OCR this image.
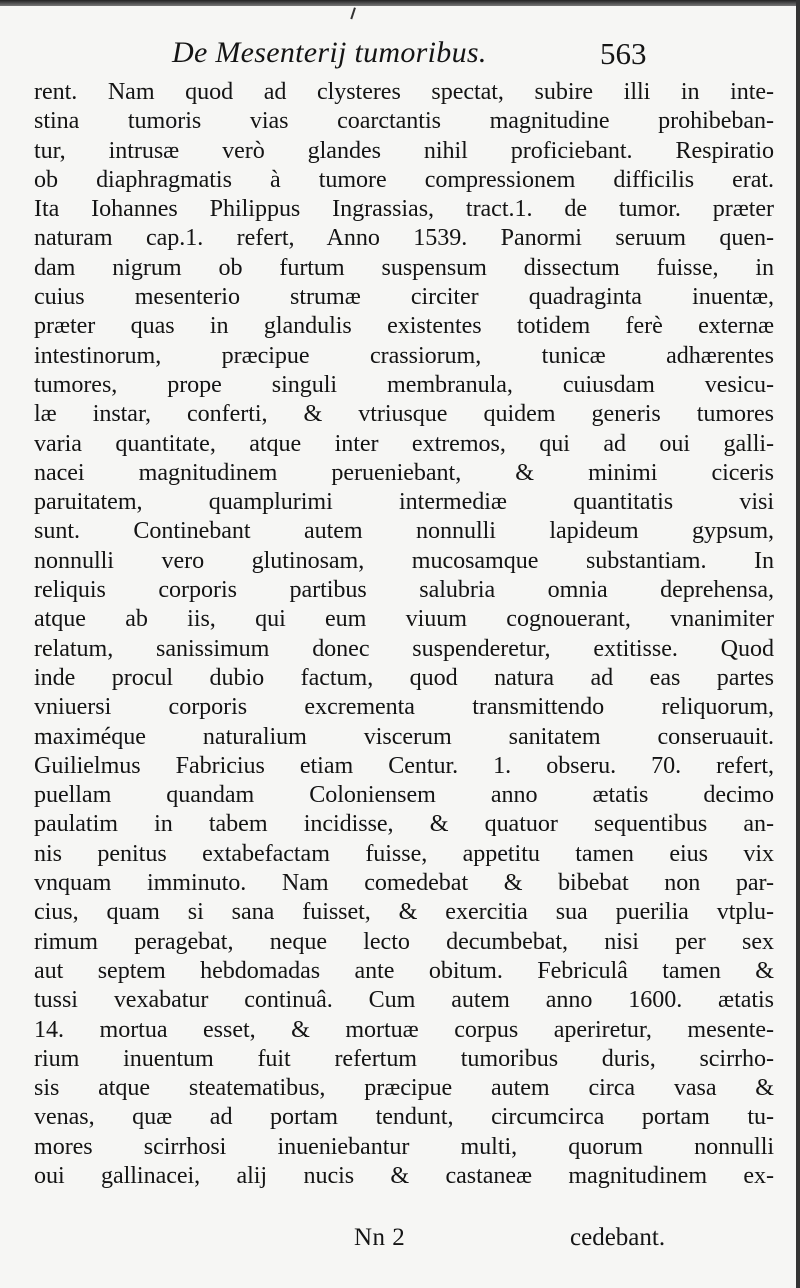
De Mesenterij tumoribus.	563
rent. Nam quod ad clysteres spectat, subire illi in inte-
stina tumoris vias coarctantis magnitudine prohibeban-
tur, intrusæ verò glandes nihil proficiebant. Respiratio
ob diaphragmatis à tumore compressionem difficilis erat.
Ita Iohannes Philippus Ingrassias, tract.1. de tumor. præter
naturam cap.1. refert, Anno 1539. Panormi seruum quen-
dam nigrum ob furtum suspensum dissectum fuisse, in
cuius mesenterio strumæ circiter quadraginta inuentæ,
præter quas in glandulis existentes totidem ferè externæ
intestinorum, præcipue crassiorum, tunicæ adhærentes
tumores, prope singuli membranula, cuiusdam vesicu-
læ instar, conferti, & vtriusque quidem generis tumores
varia quantitate, atque inter extremos, qui ad oui galli-
nacei magnitudinem perueniebant, & minimi ciceris
paruitatem, quamplurimi intermediæ quantitatis visi
sunt. Continebant autem nonnulli lapideum gypsum,
nonnulli vero glutinosam, mucosamque substantiam. In
reliquis corporis partibus salubria omnia deprehensa,
atque ab iis, qui eum viuum cognouerant, vnanimiter
relatum, sanissimum donec suspenderetur, extitisse. Quod
inde procul dubio factum, quod natura ad eas partes
vniuersi corporis excrementa transmittendo reliquorum,
maximéque naturalium viscerum sanitatem conseruauit.
Guilielmus Fabricius etiam Centur. 1. obseru. 70. refert,
puellam quandam Coloniensem anno ætatis decimo
paulatim in tabem incidisse, & quatuor sequentibus an-
nis penitus extabefactam fuisse, appetitu tamen eius vix
vnquam imminuto. Nam comedebat & bibebat non par-
cius, quam si sana fuisset, & exercitia sua puerilia vtplu-
rimum peragebat, neque lecto decumbebat, nisi per sex
aut septem hebdomadas ante obitum. Febriculâ tamen &
tussi vexabatur continuâ. Cum autem anno 1600. ætatis
14. mortua esset, & mortuæ corpus aperiretur, mesente-
rium inuentum fuit refertum tumoribus duris, scirrho-
sis atque steatematibus, præcipue autem circa vasa &
venas, quæ ad portam tendunt, circumcirca portam tu-
mores scirrhosi inueniebantur multi, quorum nonnulli
oui gallinacei, alij nucis & castaneæ magnitudinem ex-
Nn 2	cedebant.
